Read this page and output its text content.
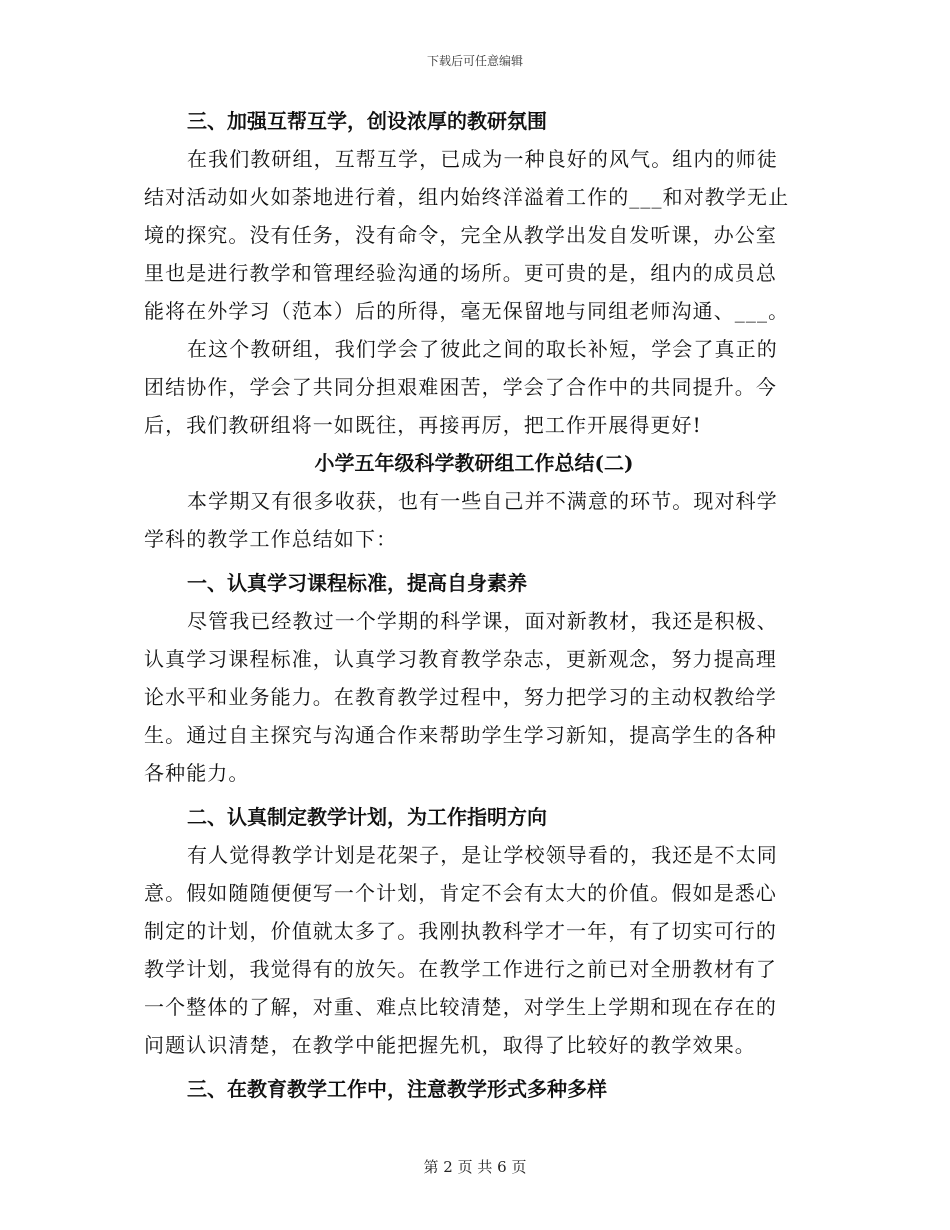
下载后可任意编辑

三、加强互帮互学，创设浓厚的教研氛围

在我们教研组，互帮互学，已成为一种良好的风气。组内的师徒
结对活动如火如荼地进行着，组内始终洋溢着工作的___和对教学无止
境的探究。没有任务，没有命令，完全从教学出发自发听课，办公室
里也是进行教学和管理经验沟通的场所。更可贵的是，组内的成员总
能将在外学习（范本）后的所得，毫无保留地与同组老师沟通、___。

在这个教研组，我们学会了彼此之间的取长补短，学会了真正的
团结协作，学会了共同分担艰难困苦，学会了合作中的共同提升。今
后，我们教研组将一如既往，再接再厉，把工作开展得更好!

小学五年级科学教研组工作总结(二)

本学期又有很多收获，也有一些自己并不满意的环节。现对科学
学科的教学工作总结如下：

一、认真学习课程标准，提高自身素养

尽管我已经教过一个学期的科学课，面对新教材，我还是积极、
认真学习课程标准，认真学习教育教学杂志，更新观念，努力提高理
论水平和业务能力。在教育教学过程中，努力把学习的主动权教给学
生。通过自主探究与沟通合作来帮助学生学习新知，提高学生的各种
各种能力。

二、认真制定教学计划，为工作指明方向

有人觉得教学计划是花架子，是让学校领导看的，我还是不太同
意。假如随随便便写一个计划，肯定不会有太大的价值。假如是悉心
制定的计划，价值就太多了。我刚执教科学才一年，有了切实可行的
教学计划，我觉得有的放矢。在教学工作进行之前已对全册教材有了
一个整体的了解，对重、难点比较清楚，对学生上学期和现在存在的
问题认识清楚，在教学中能把握先机，取得了比较好的教学效果。

三、在教育教学工作中，注意教学形式多种多样

第 2 页 共 6 页
